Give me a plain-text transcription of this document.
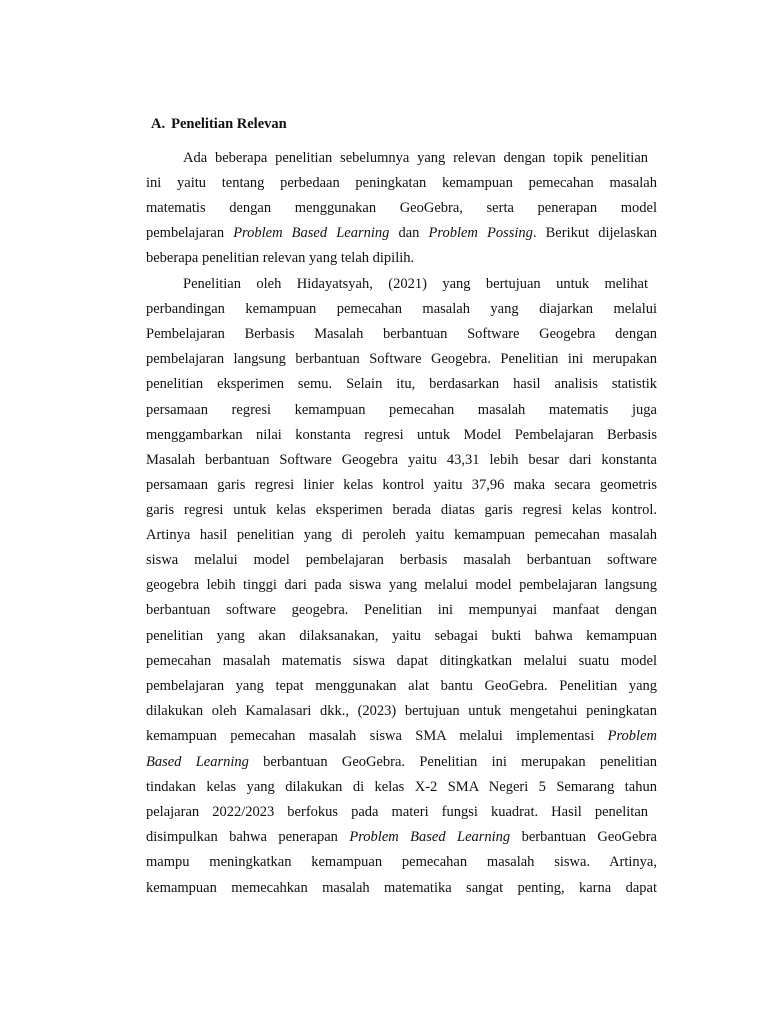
A. Penelitian Relevan
Ada beberapa penelitian sebelumnya yang relevan dengan topik penelitian
ini yaitu tentang perbedaan peningkatan kemampuan pemecahan masalah
matematis dengan menggunakan GeoGebra, serta penerapan model
pembelajaran Problem Based Learning dan Problem Possing. Berikut dijelaskan
beberapa penelitian relevan yang telah dipilih.
Penelitian oleh Hidayatsyah, (2021) yang bertujuan untuk melihat
perbandingan kemampuan pemecahan masalah yang diajarkan melalui
Pembelajaran Berbasis Masalah berbantuan Software Geogebra dengan
pembelajaran langsung berbantuan Software Geogebra. Penelitian ini merupakan
penelitian eksperimen semu. Selain itu, berdasarkan hasil analisis statistik
persamaan regresi kemampuan pemecahan masalah matematis juga
menggambarkan nilai konstanta regresi untuk Model Pembelajaran Berbasis
Masalah berbantuan Software Geogebra yaitu 43,31 lebih besar dari konstanta
persamaan garis regresi linier kelas kontrol yaitu 37,96 maka secara geometris
garis regresi untuk kelas eksperimen berada diatas garis regresi kelas kontrol.
Artinya hasil penelitian yang di peroleh yaitu kemampuan pemecahan masalah
siswa melalui model pembelajaran berbasis masalah berbantuan software
geogebra lebih tinggi dari pada siswa yang melalui model pembelajaran langsung
berbantuan software geogebra. Penelitian ini mempunyai manfaat dengan
penelitian yang akan dilaksanakan, yaitu sebagai bukti bahwa kemampuan
pemecahan masalah matematis siswa dapat ditingkatkan melalui suatu model
pembelajaran yang tepat menggunakan alat bantu GeoGebra. Penelitian yang
dilakukan oleh Kamalasari dkk., (2023) bertujuan untuk mengetahui peningkatan
kemampuan pemecahan masalah siswa SMA melalui implementasi Problem
Based Learning berbantuan GeoGebra. Penelitian ini merupakan penelitian
tindakan kelas yang dilakukan di kelas X-2 SMA Negeri 5 Semarang tahun
pelajaran 2022/2023 berfokus pada materi fungsi kuadrat. Hasil penelitan
disimpulkan bahwa penerapan Problem Based Learning berbantuan GeoGebra
mampu meningkatkan kemampuan pemecahan masalah siswa. Artinya,
kemampuan memecahkan masalah matematika sangat penting, karna dapat
